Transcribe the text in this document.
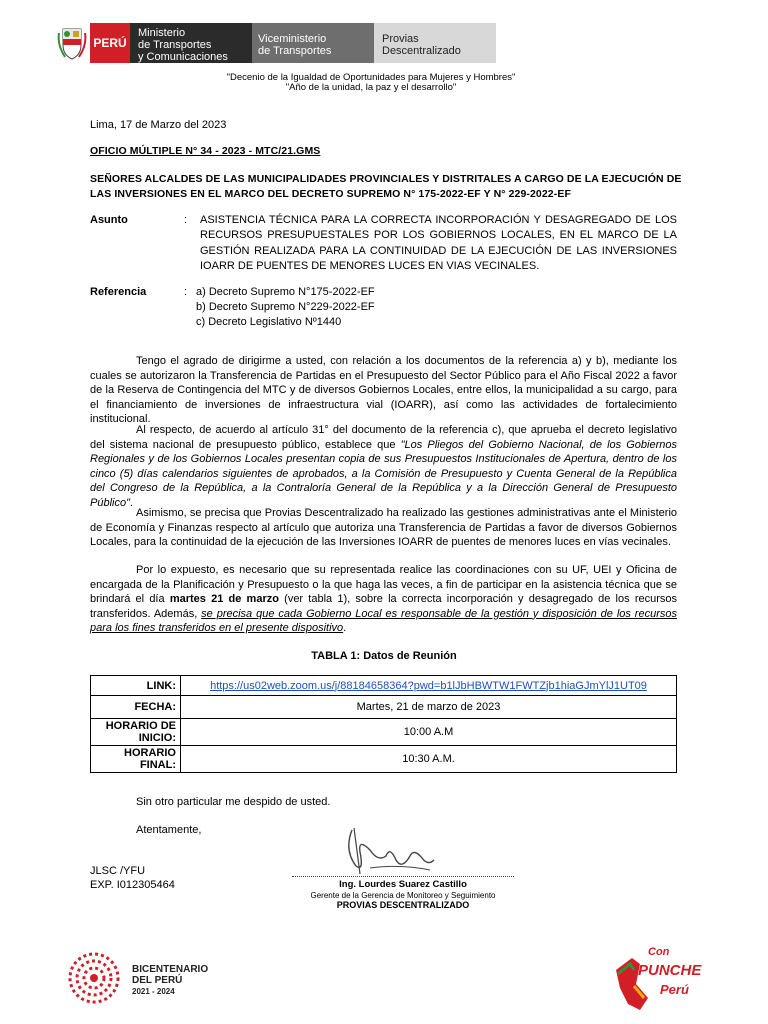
PERÚ
Ministerio
de Transportes
y Comunicaciones
Viceministerio
de Transportes
Provias
Descentralizado
"Decenio de la Igualdad de Oportunidades para Mujeres y Hombres"
"Año de la unidad, la paz y el desarrollo"
Lima, 17 de Marzo del 2023
OFICIO MÚLTIPLE N° 34 - 2023 - MTC/21.GMS
SEÑORES ALCALDES DE LAS MUNICIPALIDADES PROVINCIALES Y DISTRITALES A CARGO DE LA EJECUCIÓN DE
LAS INVERSIONES EN EL MARCO DEL DECRETO SUPREMO N° 175-2022-EF Y N° 229-2022-EF
Asunto	: ASISTENCIA TÉCNICA PARA LA CORRECTA INCORPORACIÓN Y DESAGREGADO DE LOS RECURSOS PRESUPUESTALES POR LOS GOBIERNOS LOCALES, EN EL MARCO DE LA GESTIÓN REALIZADA PARA LA CONTINUIDAD DE LA EJECUCIÓN DE LAS INVERSIONES IOARR DE PUENTES DE MENORES LUCES EN VIAS VECINALES.
Referencia	: a) Decreto Supremo N°175-2022-EF
b) Decreto Supremo N°229-2022-EF
c) Decreto Legislativo Nº1440

Tengo el agrado de dirigirme a usted, con relación a los documentos de la referencia a) y b), mediante los cuales se autorizaron la Transferencia de Partidas en el Presupuesto del Sector Público para el Año Fiscal 2022 a favor de la Reserva de Contingencia del MTC y de diversos Gobiernos Locales, entre ellos, la municipalidad a su cargo, para el financiamiento de inversiones de infraestructura vial (IOARR), así como las actividades de fortalecimiento institucional.

Al respecto, de acuerdo al artículo 31° del documento de la referencia c), que aprueba el decreto legislativo del sistema nacional de presupuesto público, establece que "Los Pliegos del Gobierno Nacional, de los Gobiernos Regionales y de los Gobiernos Locales presentan copia de sus Presupuestos Institucionales de Apertura, dentro de los cinco (5) días calendarios siguientes de aprobados, a la Comisión de Presupuesto y Cuenta General de la República del Congreso de la República, a la Contraloría General de la República y a la Dirección General de Presupuesto Público".

Asimismo, se precisa que Provias Descentralizado ha realizado las gestiones administrativas ante el Ministerio de Economía y Finanzas respecto al artículo que autoriza una Transferencia de Partidas a favor de diversos Gobiernos Locales, para la continuidad de la ejecución de las Inversiones IOARR de puentes de menores luces en vías vecinales.

Por lo expuesto, es necesario que su representada realice las coordinaciones con su UF, UEI y Oficina de encargada de la Planificación y Presupuesto o la que haga las veces, a fin de participar en la asistencia técnica que se brindará el día martes 21 de marzo (ver tabla 1), sobre la correcta incorporación y desagregado de los recursos transferidos. Además, se precisa que cada Gobierno Local es responsable de la gestión y disposición de los recursos para los fines transferidos en el presente dispositivo.

TABLA 1: Datos de Reunión
LINK:	https://us02web.zoom.us/j/88184658364?pwd=b1lJbHBWTW1FWTZjb1hiaGJmYlJ1UT09
FECHA:	Martes, 21 de marzo de 2023
HORARIO DE INICIO:	10:00 A.M
HORARIO FINAL:	10:30 A.M.
Sin otro particular me despido de usted.
Atentamente,
JLSC /YFU
EXP. I012305464	Ing. Lourdes Suarez Castillo
Gerente de la Gerencia de Monitoreo y Seguimiento
PROVIAS DESCENTRALIZADO
BICENTENARIO
DEL PERÚ
2021 - 2024
Con
PUNCHE
Perú
